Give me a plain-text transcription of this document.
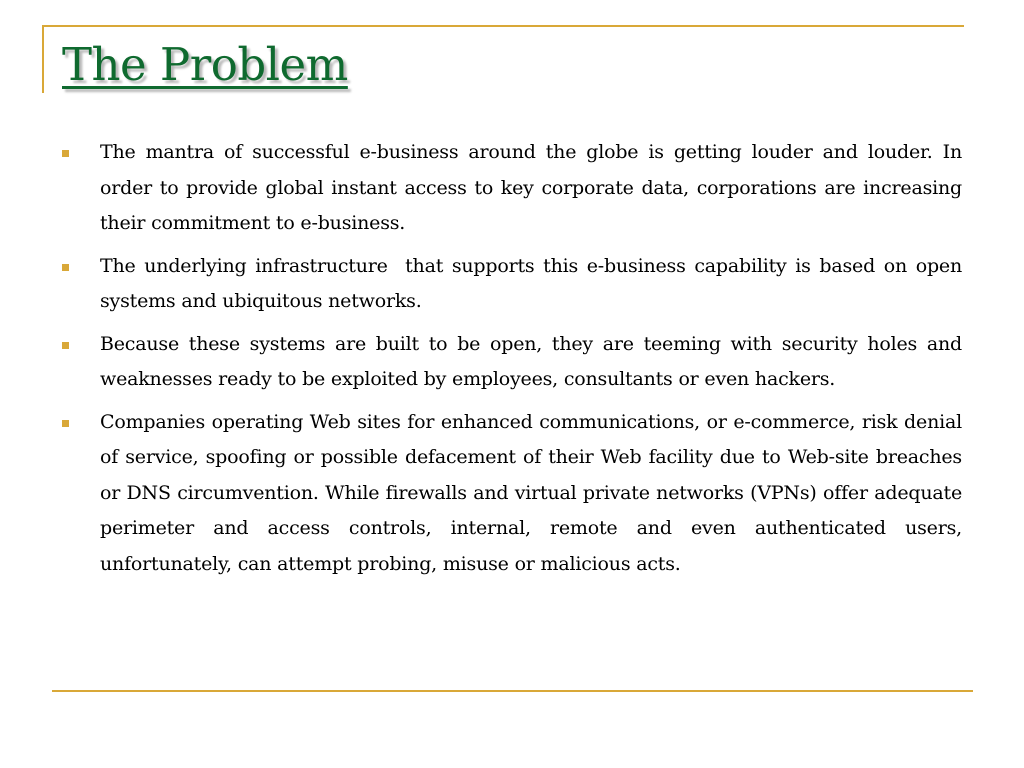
The Problem
The mantra of successful e-business around the globe is getting louder and louder. In order to provide global instant access to key corporate data, corporations are increasing their commitment to e-business.
The underlying infrastructure  that supports this e-business capability is based on open systems and ubiquitous networks.
Because these systems are built to be open, they are teeming with security holes and weaknesses ready to be exploited by employees, consultants or even hackers.
Companies operating Web sites for enhanced communications, or e-commerce, risk denial of service, spoofing or possible defacement of their Web facility due to Web-site breaches or DNS circumvention. While firewalls and virtual private networks (VPNs) offer adequate perimeter and access controls, internal, remote and even authenticated users, unfortunately, can attempt probing, misuse or malicious acts.
